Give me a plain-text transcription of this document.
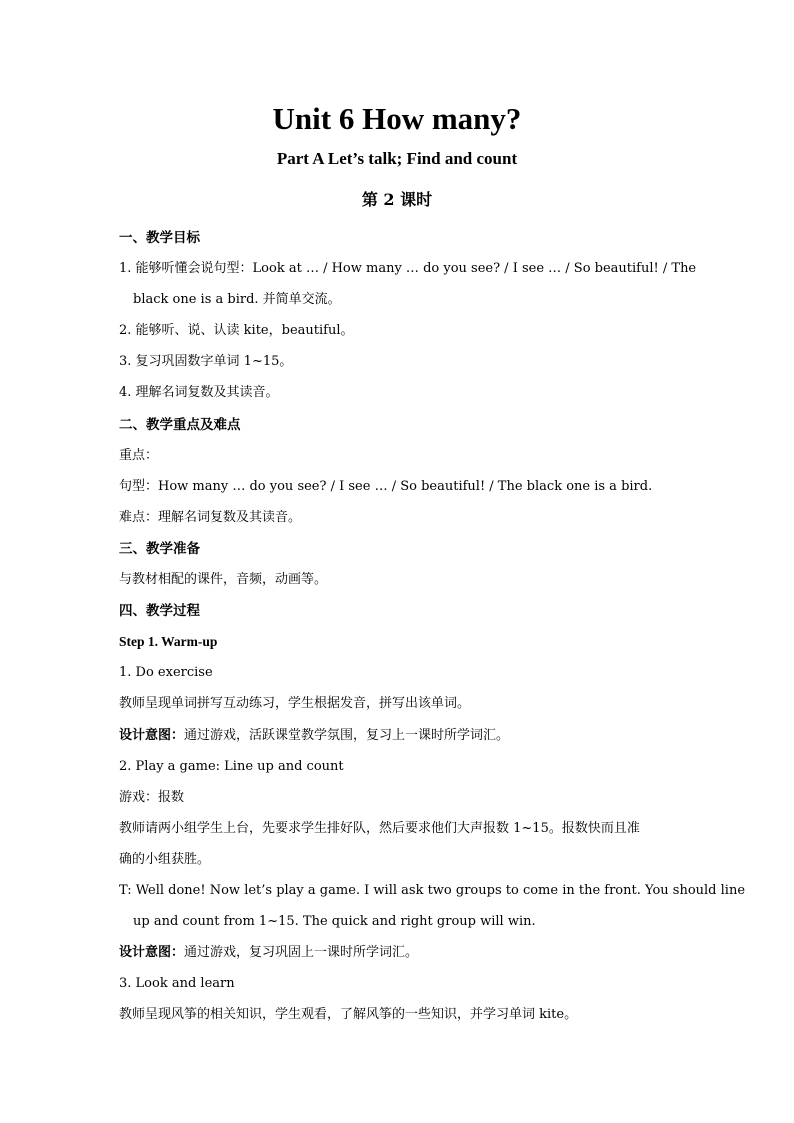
Unit 6 How many?
Part A Let’s talk; Find and count
第 2 课时
一、教学目标
1. 能够听懂会说句型：Look at … / How many … do you see? / I see … / So beautiful! / The
black one is a bird. 并简单交流。
2. 能够听、说、认读 kite，beautiful。
3. 复习巩固数字单词 1~15。
4. 理解名词复数及其读音。
二、教学重点及难点
重点：
句型：How many … do you see? / I see … / So beautiful! / The black one is a bird.
难点：理解名词复数及其读音。
三、教学准备
与教材相配的课件，音频，动画等。
四、教学过程
Step 1. Warm-up
1. Do exercise
教师呈现单词拼写互动练习，学生根据发音，拼写出该单词。
设计意图：通过游戏，活跃课堂教学氛围，复习上一课时所学词汇。
2. Play a game: Line up and count
游戏：报数
教师请两小组学生上台，先要求学生排好队，然后要求他们大声报数 1~15。报数快而且准
确的小组获胜。
T: Well done! Now let’s play a game. I will ask two groups to come in the front. You should line
up and count from 1~15. The quick and right group will win.
设计意图：通过游戏，复习巩固上一课时所学词汇。
3. Look and learn
教师呈现风筝的相关知识，学生观看，了解风筝的一些知识，并学习单词 kite。
